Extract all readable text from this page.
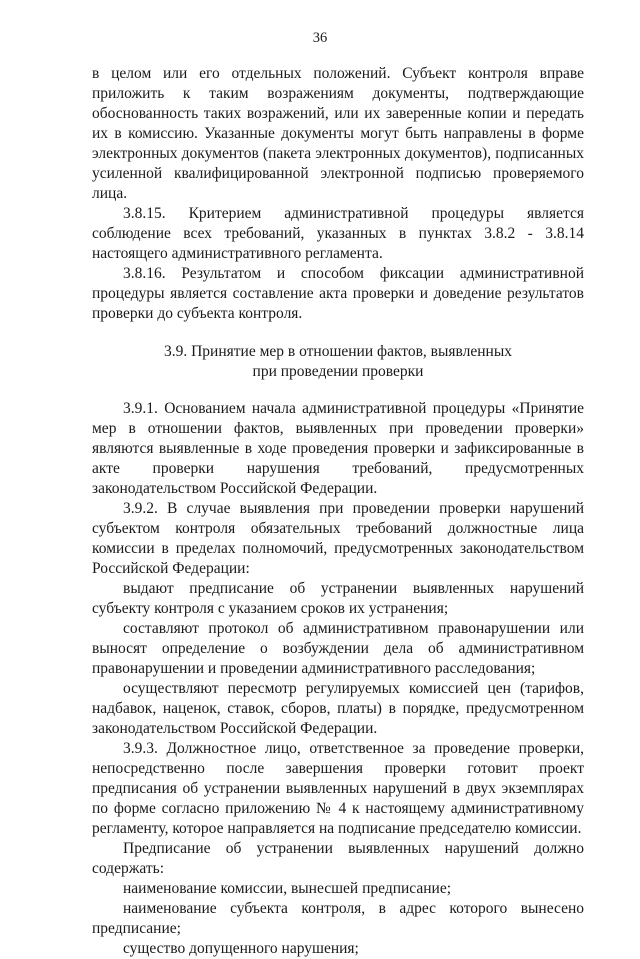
36

в целом или его отдельных положений. Субъект контроля вправе приложить к таким возражениям документы, подтверждающие обоснованность таких возражений, или их заверенные копии и передать их в комиссию. Указанные документы могут быть направлены в форме электронных документов (пакета электронных документов), подписанных усиленной квалифицированной электронной подписью проверяемого лица.

3.8.15. Критерием административной процедуры является соблюдение всех требований, указанных в пунктах 3.8.2 - 3.8.14 настоящего административного регламента.

3.8.16. Результатом и способом фиксации административной процедуры является составление акта проверки и доведение результатов проверки до субъекта контроля.

3.9. Принятие мер в отношении фактов, выявленных
при проведении проверки

3.9.1. Основанием начала административной процедуры «Принятие мер в отношении фактов, выявленных при проведении проверки» являются выявленные в ходе проведения проверки и зафиксированные в акте проверки нарушения требований, предусмотренных законодательством Российской Федерации.

3.9.2. В случае выявления при проведении проверки нарушений субъектом контроля обязательных требований должностные лица комиссии в пределах полномочий, предусмотренных законодательством Российской Федерации:

выдают предписание об устранении выявленных нарушений субъекту контроля с указанием сроков их устранения;

составляют протокол об административном правонарушении или выносят определение о возбуждении дела об административном правонарушении и проведении административного расследования;

осуществляют пересмотр регулируемых комиссией цен (тарифов, надбавок, наценок, ставок, сборов, платы) в порядке, предусмотренном законодательством Российской Федерации.

3.9.3. Должностное лицо, ответственное за проведение проверки, непосредственно после завершения проверки готовит проект предписания об устранении выявленных нарушений в двух экземплярах по форме согласно приложению № 4 к настоящему административному регламенту, которое направляется на подписание председателю комиссии.

Предписание об устранении выявленных нарушений должно содержать:

наименование комиссии, вынесшей предписание;

наименование субъекта контроля, в адрес которого вынесено предписание;

существо допущенного нарушения;
